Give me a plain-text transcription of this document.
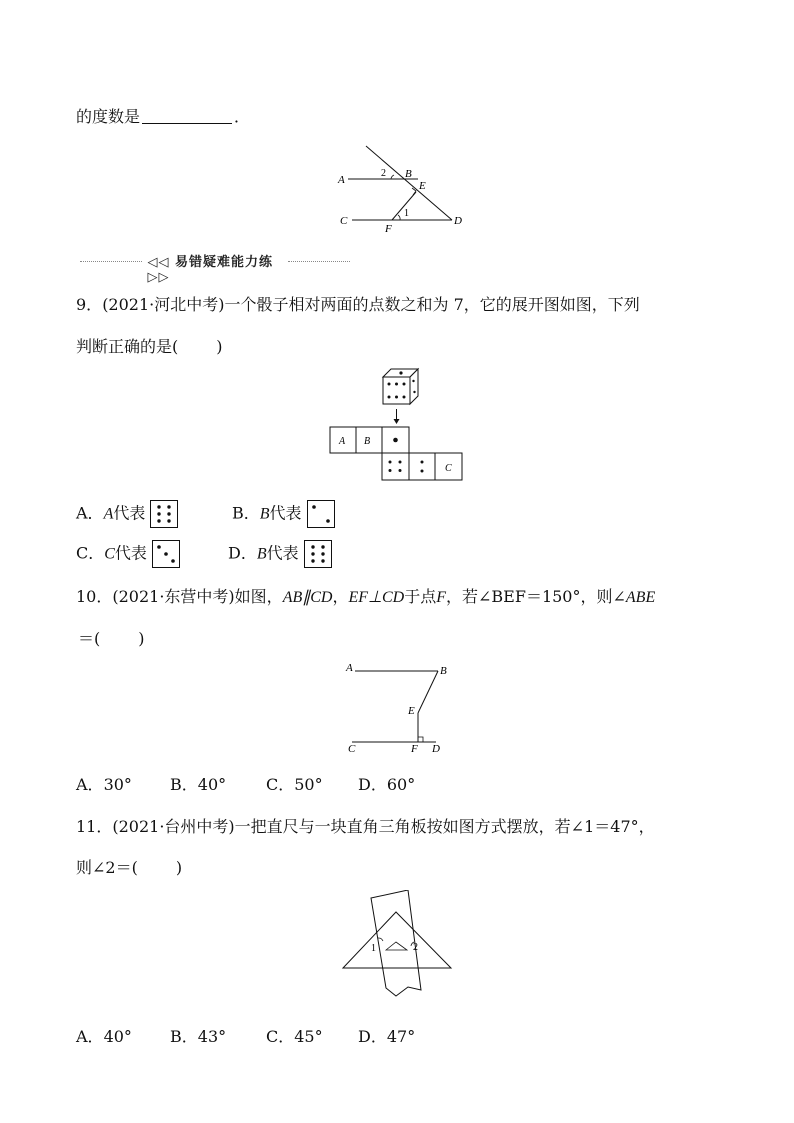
的度数是	．
A	B
C	D
E
F
1
2
◁◁ 易错疑难能力练 ▷▷
9．(2021·河北中考)一个骰子相对两面的点数之和为 7，它的展开图如图，下列
判断正确的是( )
A B
C
A．A代表	B．B代表
C．C代表	D．B代表
10．(2021·东营中考)如图，AB∥CD，EF⊥CD于点F，若∠BEF＝150°，则∠ABE
＝( )
A	B
E
C	F D
A．30° B．40° C．50° D．60°
11．(2021·台州中考)一把直尺与一块直角三角板按如图方式摆放，若∠1＝47°，
则∠2＝( )
1	2
A．40° B．43° C．45° D．47°
